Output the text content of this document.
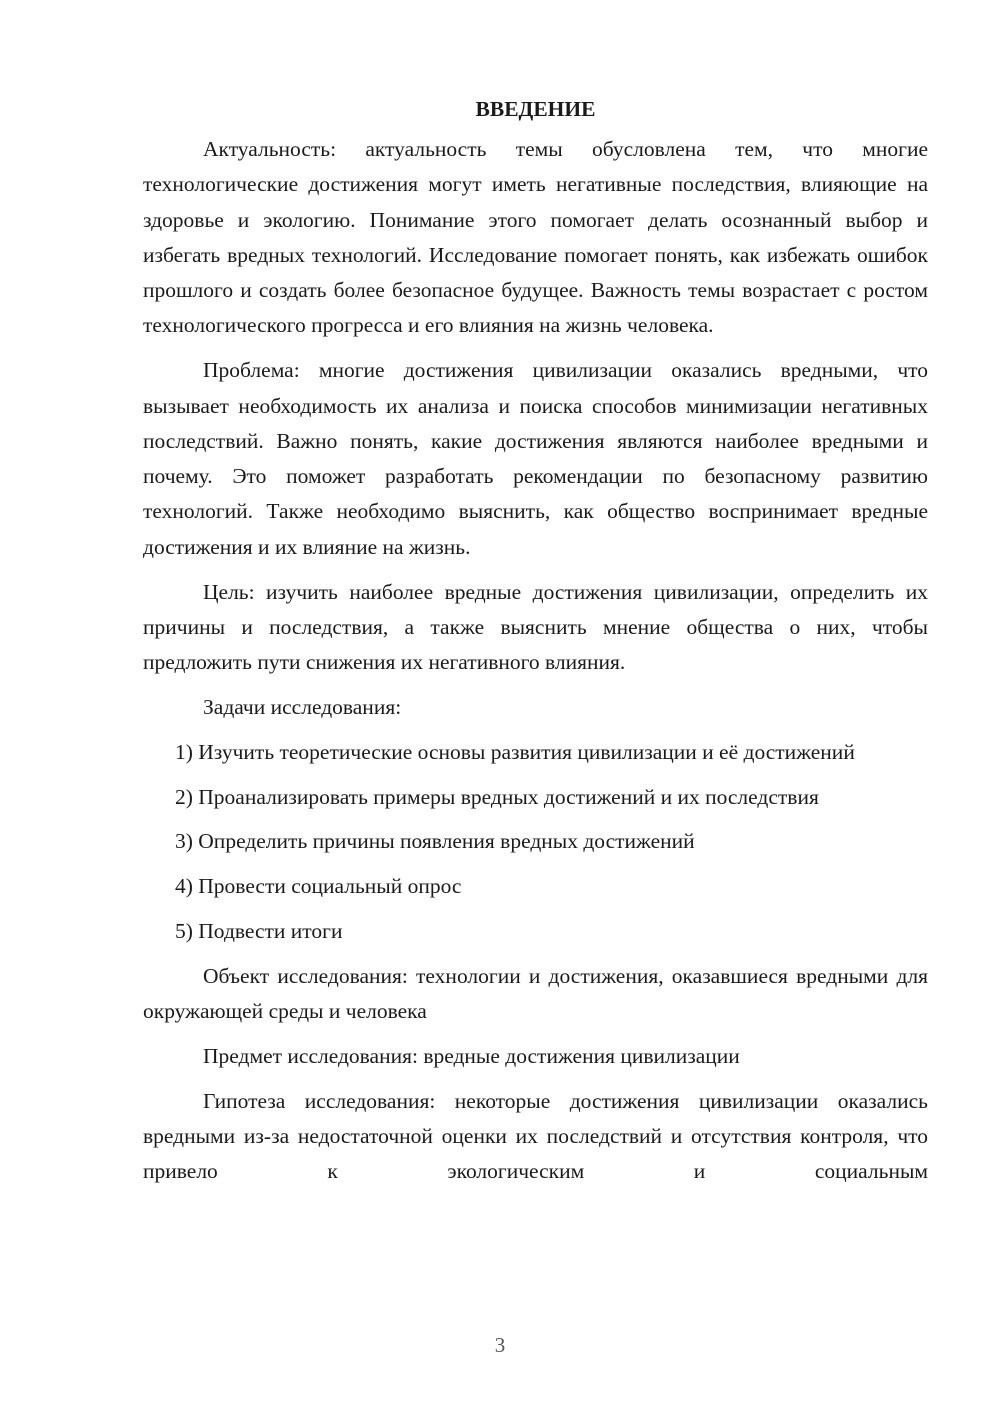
ВВЕДЕНИЕ

Актуальность: актуальность темы обусловлена тем, что многие технологические достижения могут иметь негативные последствия, влияющие на здоровье и экологию. Понимание этого помогает делать осознанный выбор и избегать вредных технологий. Исследование помогает понять, как избежать ошибок прошлого и создать более безопасное будущее. Важность темы возрастает с ростом технологического прогресса и его влияния на жизнь человека.

Проблема: многие достижения цивилизации оказались вредными, что вызывает необходимость их анализа и поиска способов минимизации негативных последствий. Важно понять, какие достижения являются наиболее вредными и почему. Это поможет разработать рекомендации по безопасному развитию технологий. Также необходимо выяснить, как общество воспринимает вредные достижения и их влияние на жизнь.

Цель: изучить наиболее вредные достижения цивилизации, определить их причины и последствия, а также выяснить мнение общества о них, чтобы предложить пути снижения их негативного влияния.

Задачи исследования:

1) Изучить теоретические основы развития цивилизации и её достижений

2) Проанализировать примеры вредных достижений и их последствия

3) Определить причины появления вредных достижений

4) Провести социальный опрос

5) Подвести итоги

Объект исследования: технологии и достижения, оказавшиеся вредными для окружающей среды и человека

Предмет исследования: вредные достижения цивилизации

Гипотеза исследования: некоторые достижения цивилизации оказались вредными из-за недостаточной оценки их последствий и отсутствия контроля, что привело к экологическим и социальным

3
